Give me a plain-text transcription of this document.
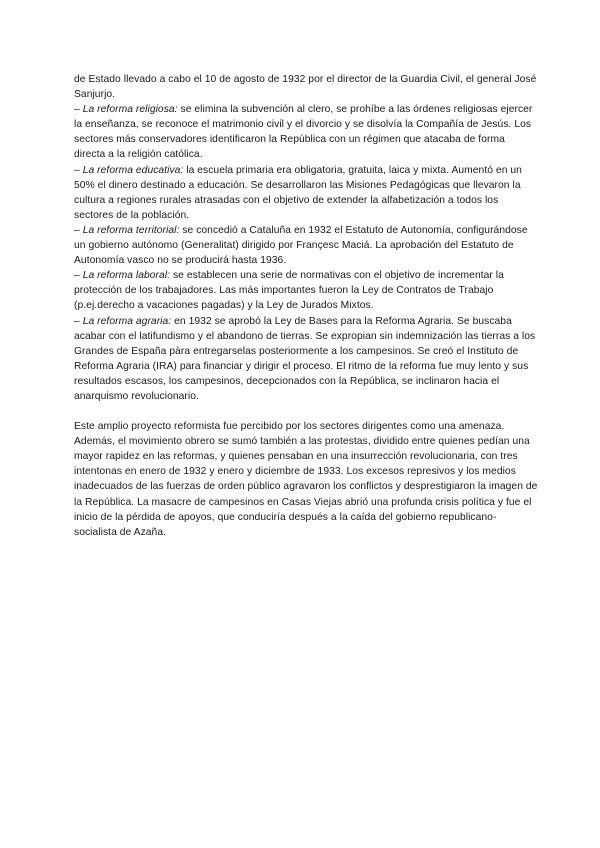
de Estado llevado a cabo el 10 de agosto de 1932 por el director de la Guardia Civil, el general José Sanjurjo.

– La reforma religiosa: se elimina la subvención al clero, se prohíbe a las órdenes religiosas ejercer la enseñanza, se reconoce el matrimonio civil y el divorcio y se disolvía la Compañía de Jesús. Los sectores más conservadores identificaron la República con un régimen que atacaba de forma directa a la religión católica.

– La reforma educativa: la escuela primaria era obligatoria, gratuita, laica y mixta. Aumentó en un 50% el dinero destinado a educación. Se desarrollaron las Misiones Pedagógicas que llevaron la cultura a regiones rurales atrasadas con el objetivo de extender la alfabetización a todos los sectores de la población.

– La reforma territorial: se concedió a Cataluña en 1932 el Estatuto de Autonomía, configurándose un gobierno autónomo (Generalitat) dirigido por Françesc Maciá. La aprobación del Estatuto de Autonomía vasco no se producirá hasta 1936.

– La reforma laboral: se establecen una serie de normativas con el objetivo de incrementar la protección de los trabajadores. Las más importantes fueron la Ley de Contratos de Trabajo (p.ej.derecho a vacaciones pagadas) y la Ley de Jurados Mixtos.

– La reforma agraria: en 1932 se aprobó la Ley de Bases para la Reforma Agraria. Se buscaba acabar con el latifundismo y el abandono de tierras. Se expropian sin indemnización las tierras a los Grandes de España pàra entregarselas posteriormente a los campesinos. Se creó el Instituto de Reforma Agraria (IRA) para financiar y dirigir el proceso. El ritmo de la reforma fue muy lento y sus resultados escasos, los campesinos, decepcionados con la República, se inclinaron hacia el anarquismo revolucionario.

Este amplio proyecto reformista fue percibido por los sectores dirigentes como una amenaza. Además, el movimiento obrero se sumó también a las protestas, dividido entre quienes pedían una mayor rapidez en las reformas, y quienes pensaban en una insurrección revolucionaria, con tres intentonas en enero de 1932 y enero y diciembre de 1933. Los excesos represivos y los medios inadecuados de las fuerzas de orden público agravaron los conflictos y desprestigiaron la imagen de la República. La masacre de campesinos en Casas Viejas abrió una profunda crisis política y fue el inicio de la pérdida de apoyos, que conduciría después a la caída del gobierno republicano-socialista de Azaña.
